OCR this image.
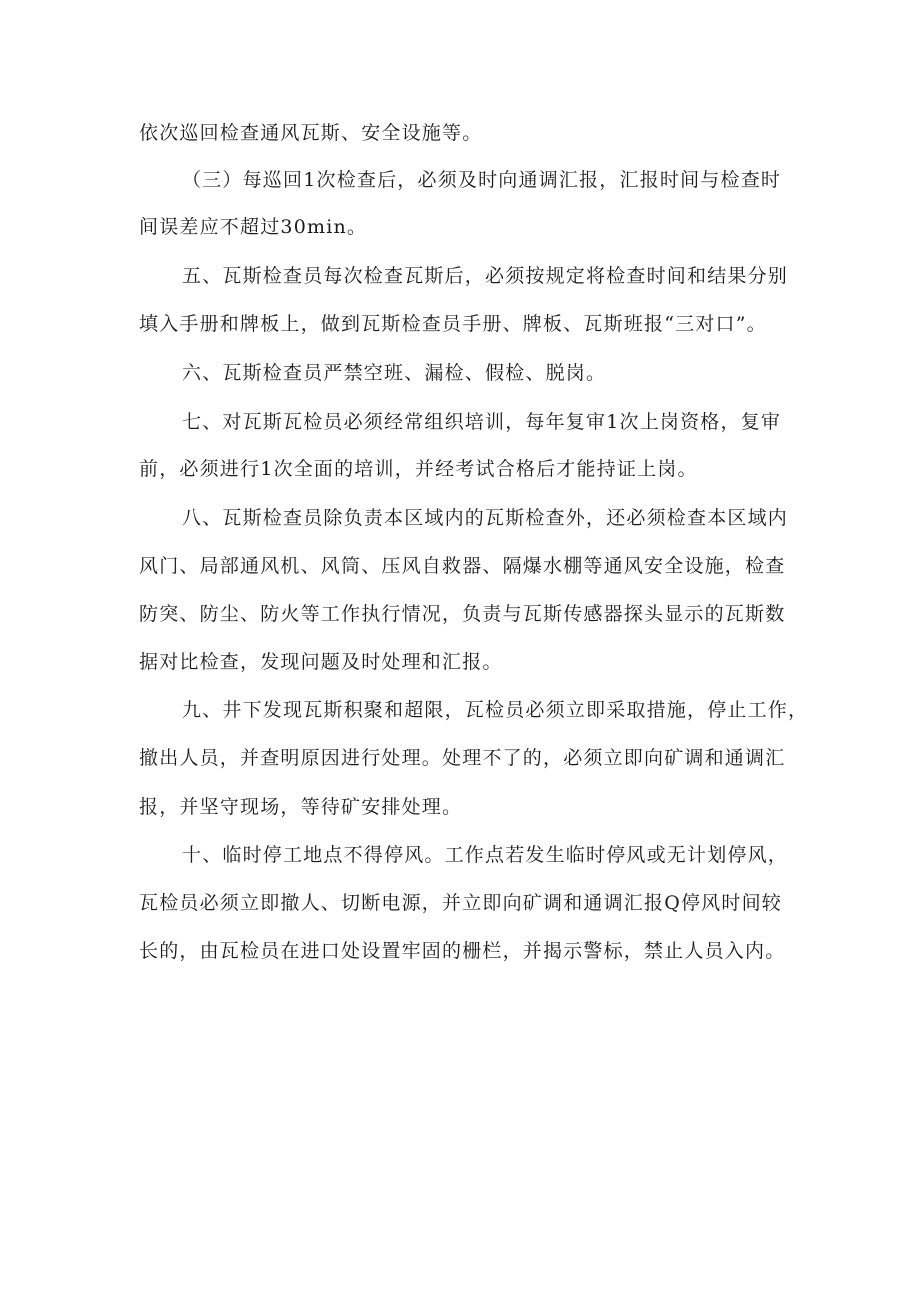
依次巡回检查通风瓦斯、安全设施等。
（三）每巡回1次检查后，必须及时向通调汇报，汇报时间与检查时
间误差应不超过30min。
五、瓦斯检查员每次检查瓦斯后，必须按规定将检查时间和结果分别
填入手册和牌板上，做到瓦斯检查员手册、牌板、瓦斯班报“三对口”。
六、瓦斯检查员严禁空班、漏检、假检、脱岗。
七、对瓦斯瓦检员必须经常组织培训，每年复审1次上岗资格，复审
前，必须进行1次全面的培训，并经考试合格后才能持证上岗。
八、瓦斯检查员除负责本区域内的瓦斯检查外，还必须检查本区域内
风门、局部通风机、风筒、压风自救器、隔爆水棚等通风安全设施，检查
防突、防尘、防火等工作执行情况，负责与瓦斯传感器探头显示的瓦斯数
据对比检查，发现问题及时处理和汇报。
九、井下发现瓦斯积聚和超限，瓦检员必须立即采取措施，停止工作，
撤出人员，并查明原因进行处理。处理不了的，必须立即向矿调和通调汇
报，并坚守现场，等待矿安排处理。
十、临时停工地点不得停风。工作点若发生临时停风或无计划停风，
瓦检员必须立即撤人、切断电源，并立即向矿调和通调汇报Q停风时间较
长的，由瓦检员在进口处设置牢固的栅栏，并揭示警标，禁止人员入内。
